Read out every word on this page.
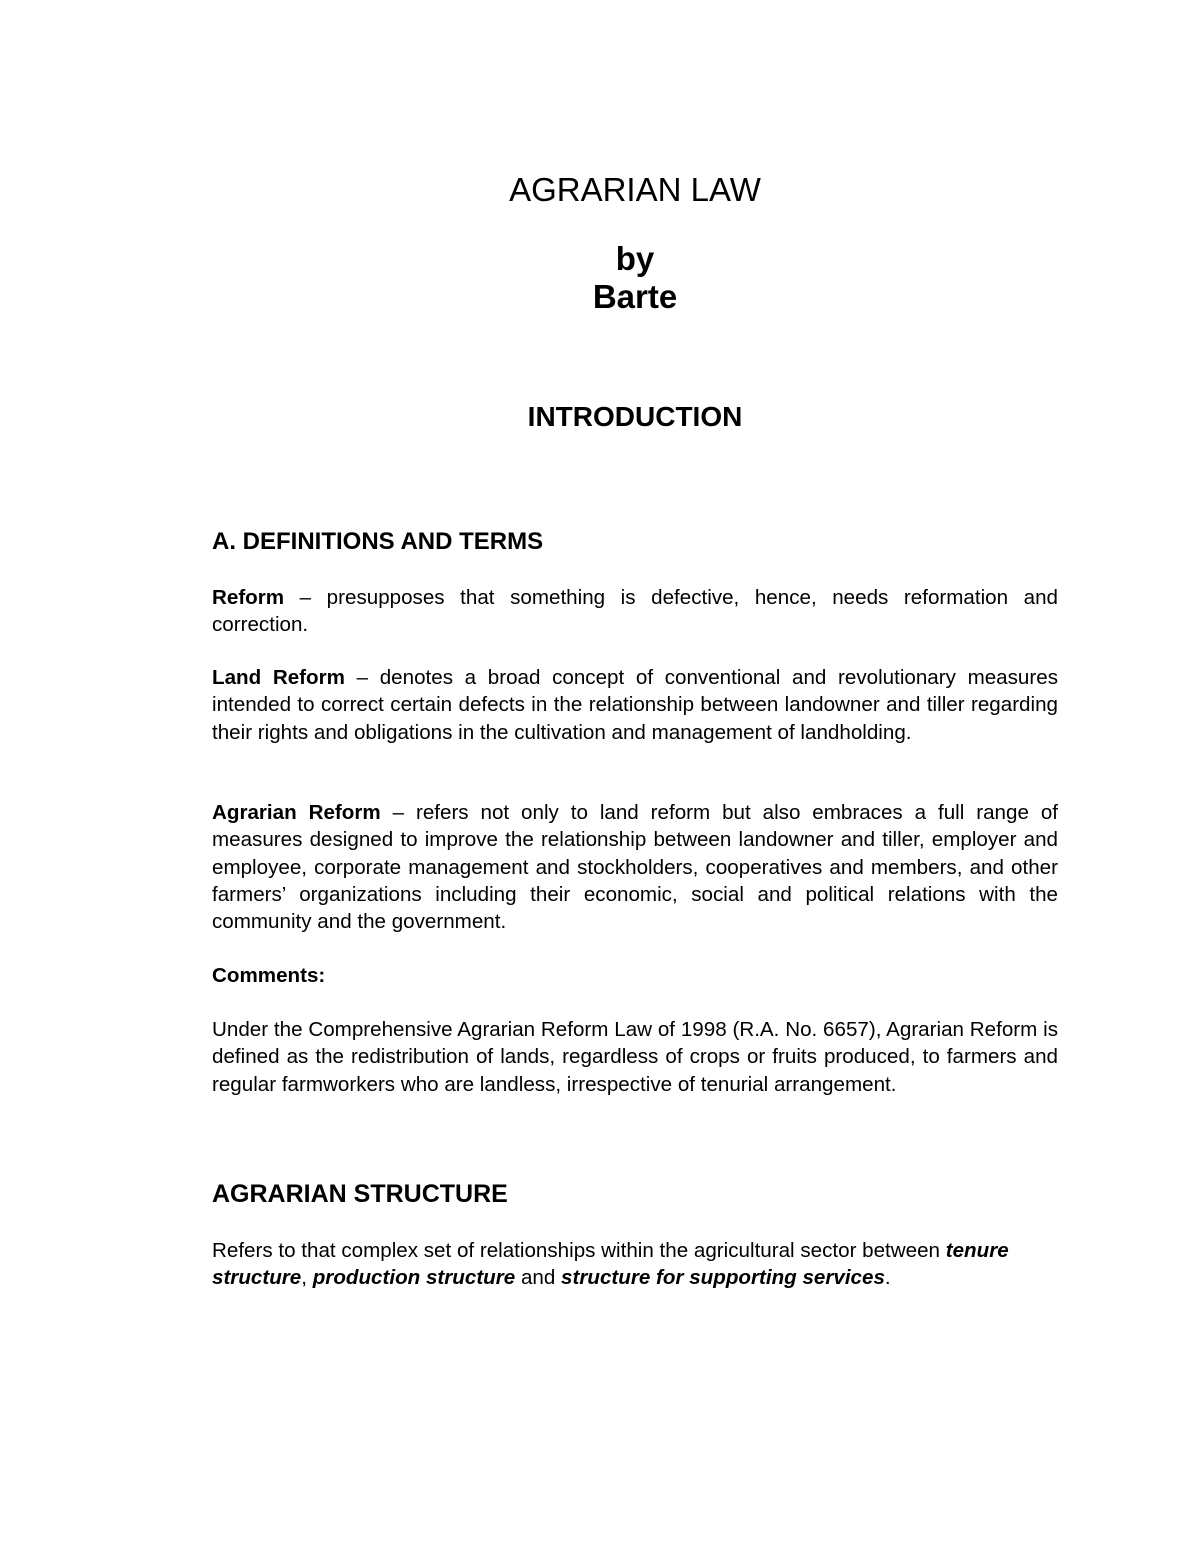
AGRARIAN LAW
by
Barte
INTRODUCTION
A. DEFINITIONS AND TERMS

Reform – presupposes that something is defective, hence, needs reformation and correction.

Land Reform – denotes a broad concept of conventional and revolutionary measures intended to correct certain defects in the relationship between landowner and tiller regarding their rights and obligations in the cultivation and management of landholding.

Agrarian Reform – refers not only to land reform but also embraces a full range of measures designed to improve the relationship between landowner and tiller, employer and employee, corporate management and stockholders, cooperatives and members, and other farmers’ organizations including their economic, social and political relations with the community and the government.

Comments:

Under the Comprehensive Agrarian Reform Law of 1998 (R.A. No. 6657), Agrarian Reform is defined as the redistribution of lands, regardless of crops or fruits produced, to farmers and regular farmworkers who are landless, irrespective of tenurial arrangement.

AGRARIAN STRUCTURE

Refers to that complex set of relationships within the agricultural sector between tenure structure, production structure and structure for supporting services.
